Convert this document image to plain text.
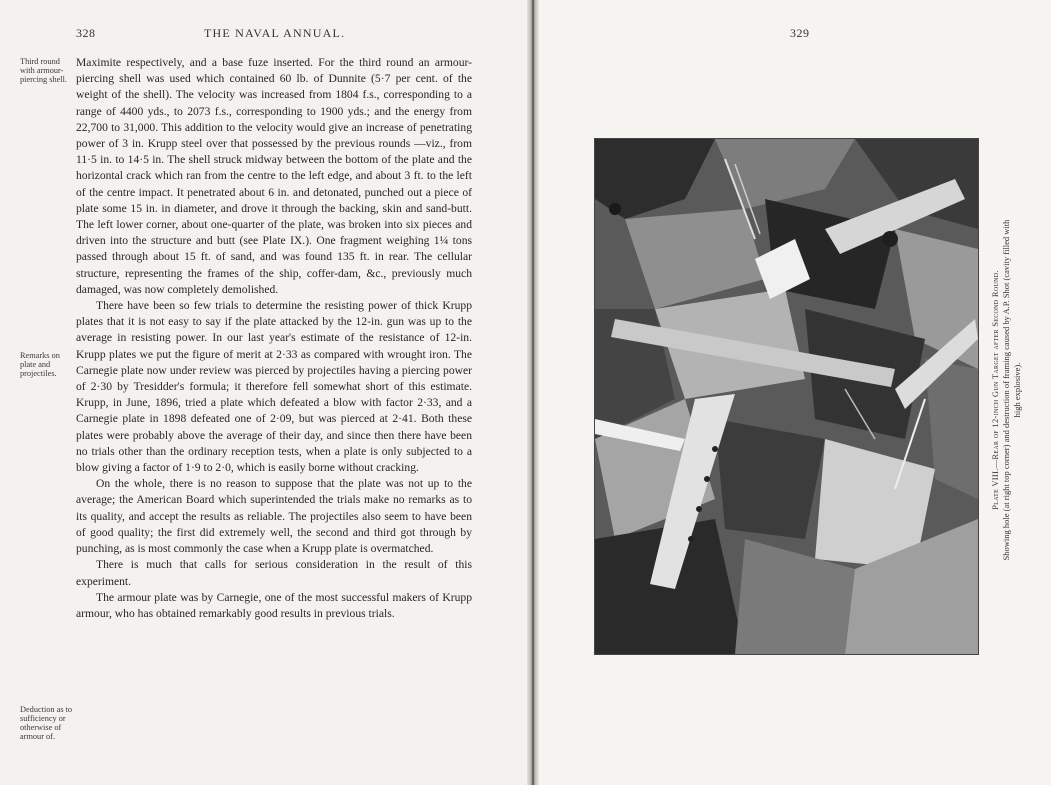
328	THE NAVAL ANNUAL.	329
Third round with armour-piercing shell.
Remarks on plate and projectiles.
Deduction as to sufficiency or otherwise of armour of.

Maximite respectively, and a base fuze inserted. For the third round an armour-piercing shell was used which contained 60 lb. of Dunnite (5·7 per cent. of the weight of the shell). The velocity was increased from 1804 f.s., corresponding to a range of 4400 yds., to 2073 f.s., corresponding to 1900 yds.; and the energy from 22,700 to 31,000. This addition to the velocity would give an increase of penetrating power of 3 in. Krupp steel over that possessed by the previous rounds —viz., from 11·5 in. to 14·5 in. The shell struck midway between the bottom of the plate and the horizontal crack which ran from the centre to the left edge, and about 3 ft. to the left of the centre impact. It penetrated about 6 in. and detonated, punched out a piece of plate some 15 in. in diameter, and drove it through the backing, skin and sand-butt. The left lower corner, about one-quarter of the plate, was broken into six pieces and driven into the structure and butt (see Plate IX.). One fragment weighing 1¼ tons passed through about 15 ft. of sand, and was found 135 ft. in rear. The cellular structure, representing the frames of the ship, coffer-dam, &c., previously much damaged, was now completely demolished.

There have been so few trials to determine the resisting power of thick Krupp plates that it is not easy to say if the plate attacked by the 12-in. gun was up to the average in resisting power. In our last year's estimate of the resistance of 12-in. Krupp plates we put the figure of merit at 2·33 as compared with wrought iron. The Carnegie plate now under review was pierced by projectiles having a piercing power of 2·30 by Tresidder's formula; it therefore fell somewhat short of this estimate. Krupp, in June, 1896, tried a plate which defeated a blow with factor 2·33, and a Carnegie plate in 1898 defeated one of 2·09, but was pierced at 2·41. Both these plates were probably above the average of their day, and since then there have been no trials other than the ordinary reception tests, when a plate is only subjected to a blow giving a factor of 1·9 to 2·0, which is easily borne without cracking.

On the whole, there is no reason to suppose that the plate was not up to the average; the American Board which superintended the trials make no remarks as to its quality, and accept the results as reliable. The projectiles also seem to have been of good quality; the first did extremely well, the second and third got through by punching, as is most commonly the case when a Krupp plate is overmatched.

There is much that calls for serious consideration in the result of this experiment.

The armour plate was by Carnegie, one of the most successful makers of Krupp armour, who has obtained remarkably good results in previous trials.

Plate VIII.—Rear of 12-inch Gun Target after Second Round. Showing hole (at right top corner) and destruction of framing caused by A.P. Shot (cavity filled with high explosive).
